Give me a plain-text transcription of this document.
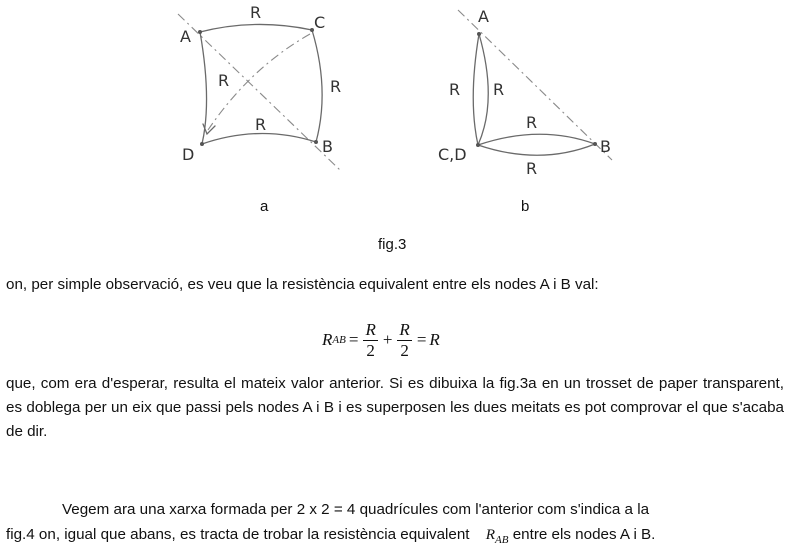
A
C
B
D
R
R
R
R
A
B
C,D
R R
R
R
a	b
fig.3
on, per simple observació, es veu que la resistència equivalent entre els nodes A i B val:
R AB = $\frac{R}{2} + \frac{R}{2} = R$
que, com era d'esperar, resulta el mateix valor anterior. Si es dibuixa la fig.3a en un trosset de paper transparent, es doblega per un eix que passi pels nodes A i B i es superposen les dues meitats es pot comprovar el que s'acaba de dir.
Vegem ara una xarxa formada per 2 x 2 = 4 quadrícules com l'anterior com s'indica a la
fig.4 on, igual que abans, es tracta de trobar la resistència equivalent $R_{AB}$ entre els nodes A i B.
